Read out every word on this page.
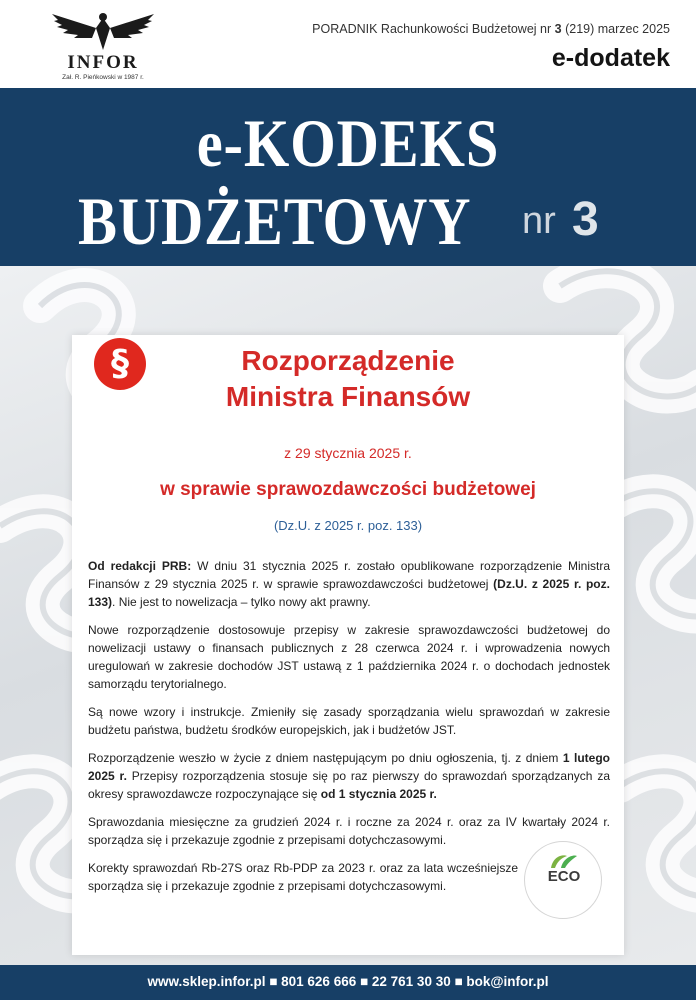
INFOR
Zał. R. Pieńkowski w 1987 r.
PORADNIK Rachunkowości Budżetowej nr 3 (219) marzec 2025
e-dodatek
e-KODEKS
BUDŻETOWY nr 3
§	Rozporządzenie
Ministra Finansów
z 29 stycznia 2025 r.
w sprawie sprawozdawczości budżetowej
(Dz.U. z 2025 r. poz. 133)

Od redakcji PRB: W dniu 31 stycznia 2025 r. zostało opublikowane rozporządzenie Ministra Finansów z 29 stycznia 2025 r. w sprawie sprawozdawczości budżetowej (Dz.U. z 2025 r. poz. 133). Nie jest to nowelizacja – tylko nowy akt prawny.

Nowe rozporządzenie dostosowuje przepisy w zakresie sprawozdawczości budżetowej do nowelizacji ustawy o finansach publicznych z 28 czerwca 2024 r. i wprowadzenia nowych uregulowań w zakresie dochodów JST ustawą z 1 października 2024 r. o dochodach jednostek samorządu terytorialnego.

Są nowe wzory i instrukcje. Zmieniły się zasady sporządzania wielu sprawozdań w zakresie budżetu państwa, budżetu środków europejskich, jak i budżetów JST.

Rozporządzenie weszło w życie z dniem następującym po dniu ogłoszenia, tj. z dniem 1 lutego 2025 r. Przepisy rozporządzenia stosuje się po raz pierwszy do sprawozdań sporządzanych za okresy sprawozdawcze rozpoczynające się od 1 stycznia 2025 r.

Sprawozdania miesięczne za grudzień 2024 r. i roczne za 2024 r. oraz za IV kwartały 2024 r. sporządza się i przekazuje zgodnie z przepisami dotychczasowymi.

Korekty sprawozdań Rb-27S oraz Rb-PDP za 2023 r. oraz za lata wcześniejsze sporządza się i przekazuje zgodnie z przepisami dotychczasowymi.

ECO
www.sklep.infor.pl ■ 801 626 666 ■ 22 761 30 30 ■ bok@infor.pl
